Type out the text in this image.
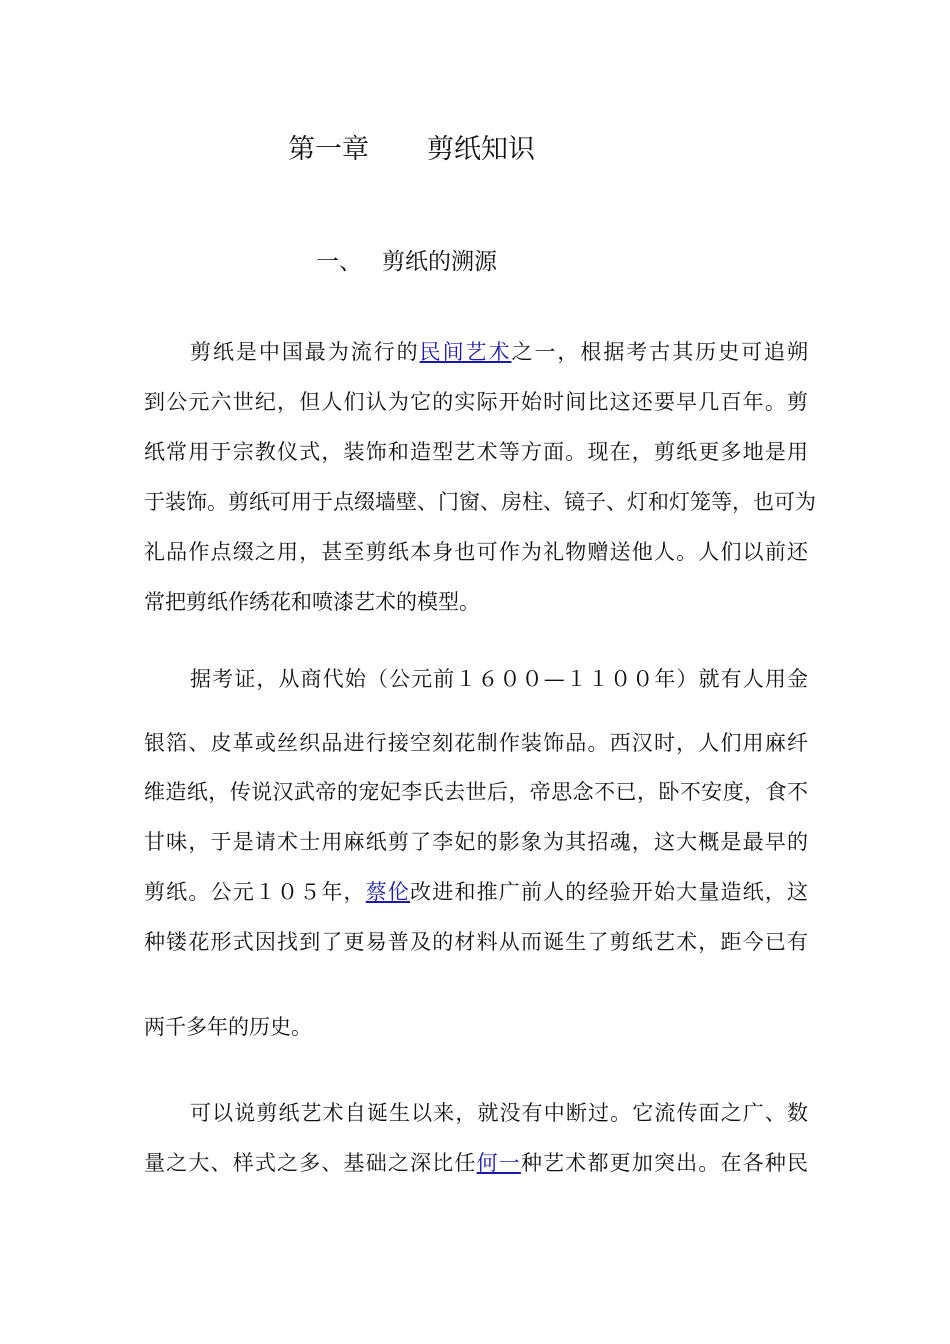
第一章 剪纸知识
一、 剪纸的溯源
剪纸是中国最为流行的民间艺术之一，根据考古其历史可追朔
到公元六世纪，但人们认为它的实际开始时间比这还要早几百年。剪
纸常用于宗教仪式，装饰和造型艺术等方面。现在，剪纸更多地是用
于装饰。剪纸可用于点缀墙壁、门窗、房柱、镜子、灯和灯笼等，也可为
礼品作点缀之用，甚至剪纸本身也可作为礼物赠送他人。人们以前还
常把剪纸作绣花和喷漆艺术的模型。
据考证，从商代始（公元前１６００—１１００年）就有人用金
银箔、皮革或丝织品进行接空刻花制作装饰品。西汉时，人们用麻纤
维造纸，传说汉武帝的宠妃李氏去世后，帝思念不已，卧不安度，食不
甘味，于是请术士用麻纸剪了李妃的影象为其招魂，这大概是最早的
剪纸。公元１０５年，蔡伦改进和推广前人的经验开始大量造纸，这
种镂花形式因找到了更易普及的材料从而诞生了剪纸艺术，距今已有
两千多年的历史。
可以说剪纸艺术自诞生以来，就没有中断过。它流传面之广、数
量之大、样式之多、基础之深比任何一种艺术都更加突出。在各种民
